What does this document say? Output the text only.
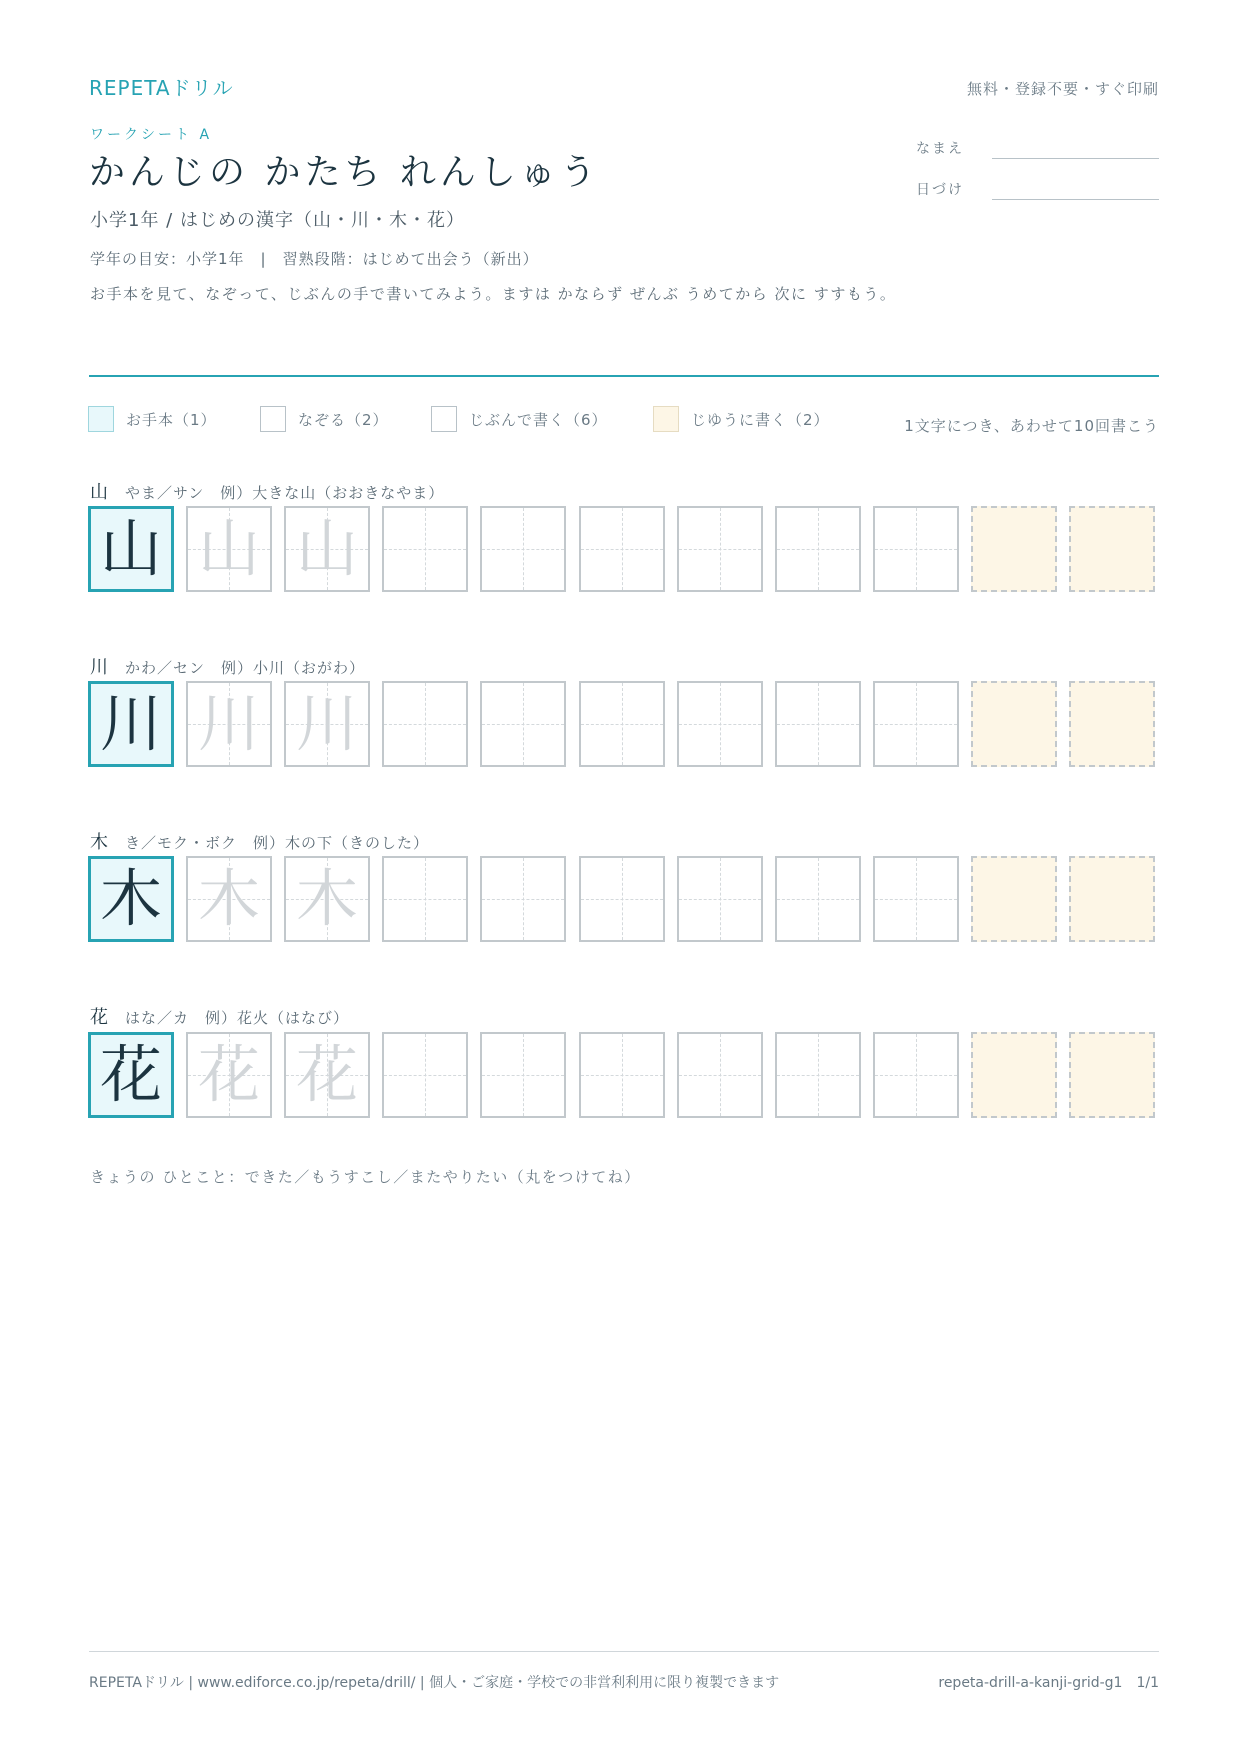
REPETAドリル	無料・登録不要・すぐ印刷
ワークシート A
かんじの かたち れんしゅう
小学1年 / はじめの漢字（山・川・木・花）
学年の目安：小学1年　|　習熟段階：はじめて出会う（新出）
お手本を見て、なぞって、じぶんの手で書いてみよう。ますは かならず ぜんぶ うめてから 次に すすもう。
なまえ
日づけ
お手本（1）	なぞる（2）	じぶんで書く（6）	じゆうに書く（2）	1文字につき、あわせて10回書こう
山 やま／サン 例）大きな山（おおきなやま）
川 かわ／セン 例）小川（おがわ）
木 き／モク・ボク 例）木の下（きのした）
花 はな／カ 例）花火（はなび）
きょうの ひとこと：できた／もうすこし／またやりたい（丸をつけてね）
REPETAドリル | www.ediforce.co.jp/repeta/drill/ | 個人・ご家庭・学校での非営利利用に限り複製できます	repeta-drill-a-kanji-grid-g1　1/1
山 山 山
川 川 川
木 木 木
花 花 花
